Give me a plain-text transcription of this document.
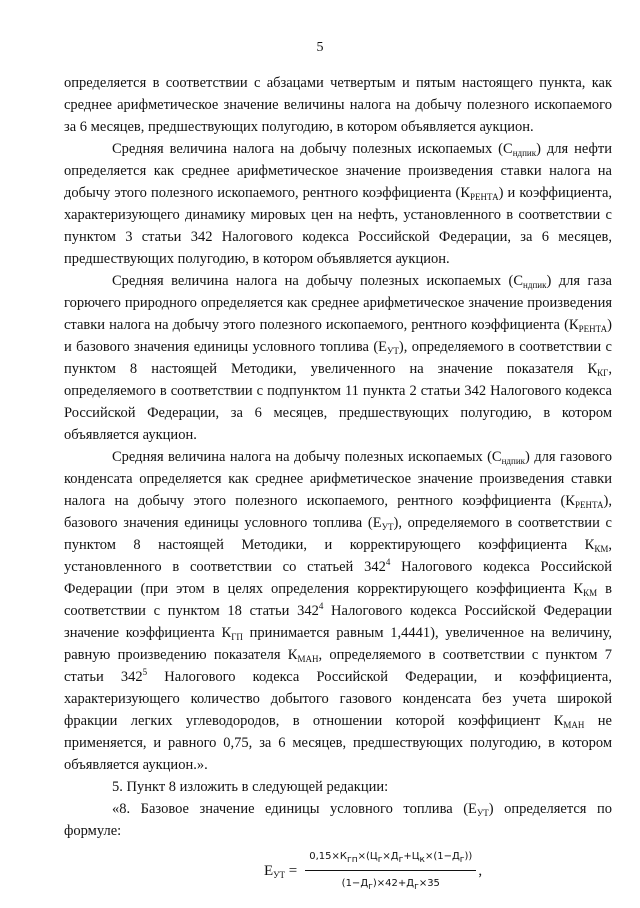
5

определяется в соответствии с абзацами четвертым и пятым настоящего пункта, как среднее арифметическое значение величины налога на добычу полезного ископаемого за 6 месяцев, предшествующих полугодию, в котором объявляется аукцион.

Средняя величина налога на добычу полезных ископаемых $(С_{ндпик})$ для нефти определяется как среднее арифметическое значение произведения ставки налога на добычу этого полезного ископаемого, рентного коэффициента $(К_{РЕНТА})$ и коэффициента, характеризующего динамику мировых цен на нефть, установленного в соответствии с пунктом 3 статьи 342 Налогового кодекса Российской Федерации, за 6 месяцев, предшествующих полугодию, в котором объявляется аукцион.

Средняя величина налога на добычу полезных ископаемых $(С_{ндпик})$ для газа горючего природного определяется как среднее арифметическое значение произведения ставки налога на добычу этого полезного ископаемого, рентного коэффициента $(К_{РЕНТА})$ и базового значения единицы условного топлива $(Е_{УТ})$, определяемого в соответствии с пунктом 8 настоящей Методики, увеличенного на значение показателя $К_{КГ}$, определяемого в соответствии с подпунктом 11 пункта 2 статьи 342 Налогового кодекса Российской Федерации, за 6 месяцев, предшествующих полугодию, в котором объявляется аукцион.

Средняя величина налога на добычу полезных ископаемых $(С_{ндпик})$ для газового конденсата определяется как среднее арифметическое значение произведения ставки налога на добычу этого полезного ископаемого, рентного коэффициента $(К_{РЕНТА})$, базового значения единицы условного топлива $(Е_{УТ})$, определяемого в соответствии с пунктом 8 настоящей Методики, и корректирующего коэффициента $К_{КМ}$, установленного в соответствии со статьей $342^4$ Налогового кодекса Российской Федерации (при этом в целях определения корректирующего коэффициента $К_{КМ}$ в соответствии с пунктом 18 статьи $342^4$ Налогового кодекса Российской Федерации значение коэффициента $К_{ГП}$ принимается равным 1,4441), увеличенное на величину, равную произведению показателя $К_{МАН}$, определяемого в соответствии с пунктом 7 статьи $342^5$ Налогового кодекса Российской Федерации, и коэффициента, характеризующего количество добытого газового конденсата без учета широкой фракции легких углеводородов, в отношении которой коэффициент $К_{МАН}$ не применяется, и равного 0,75, за 6 месяцев, предшествующих полугодию, в котором объявляется аукцион.».

5. Пункт 8 изложить в следующей редакции:

«8. Базовое значение единицы условного топлива $(Е_{УТ})$ определяется по формуле:

$Е_{УТ} = \frac{0,15\times К_{гп}\times(Ц_г\times Д_г+Ц_к\times(1-Д_г))}{(1-Д_г)\times 42+Д_г\times 35}$ ,
